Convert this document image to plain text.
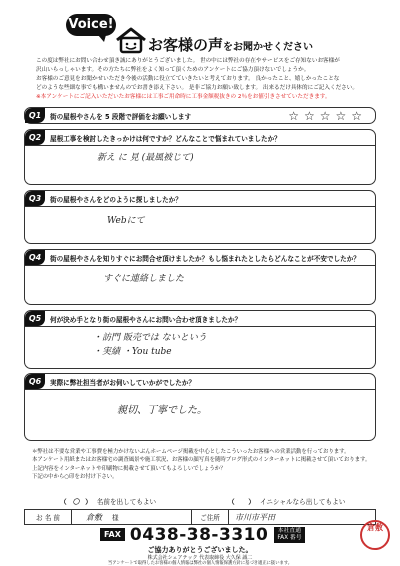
Voice!
お客様の声をお聞かせください

この度は弊社にお問い合わせ頂き誠にありがとうございました。 世の中には弊社の存在やサービスをご存知ないお客様が

沢山いらっしゃいます。その方たちに弊社をよく知って頂くためのアンケートにご協力頂けないでしょうか。

お客様のご意見をお聞かせいただき今後の活動に役立てていきたいと考えております。 良かったこと、嬉しかったことな

どのような些細な事でも構いませんのでお書き添え下さい。 是非ご協力お願い致します。 出来るだけ具体的にご記入ください。

※本アンケートにご記入いただいたお客様には工事ご用命時に工事金額税抜きの 2％をお値引きさせていただきます。

Q1	街の屋根やさんを 5 段階で評価をお願いします	☆☆☆☆☆
Q2	屋根工事を検討したきっかけは何ですか？どんなことで悩まれていましたか？
新え に 見 (最風被じて)
Q3	街の屋根やさんをどのように探しましたか？
Webにて
Q4	街の屋根やさんを知りすぐにお問合せ頂けましたか？もし悩まれたとしたらどんなことが不安でしたか？
すぐに連絡しました
Q5	何が決め手となり街の屋根やさんにお問い合わせ頂きましたか？
・訪門 販売では ないという
・実績 ・You tube
Q6	実際に弊社担当者がお伺いしていかがでしたか？
親切、丁寧でした。

＊弊社は不要な営業や工事費を極力かけないぶんホームページ掲載を中心としたこういったお客様への営業活動を行っております。

本アンケート用紙またはお客様宅の調査風景や施工状況、お客様の顔写真を随時ブログ形式のインターネットに掲載させて頂いております。

上記内容をインターネットや印刷物に掲載させて頂いてもよろしいでしょうか？

下記の中から○印をお付け下さい。

（ 〇 ） 名前を出してもよい	（      ） イニシャルなら出してもよい
お 名 前	倉敷 様	ご住所	市川市平田
FAX 0438-38-3310	本社直通
FAX 番号
ご協力ありがとうございました。
株式会社シェアテック 代表取締役 大久保 誠二
当アンケートで取得したお客様の個人情報は弊社の個人情報保護方針に基づき適正に扱います。
倉敷
